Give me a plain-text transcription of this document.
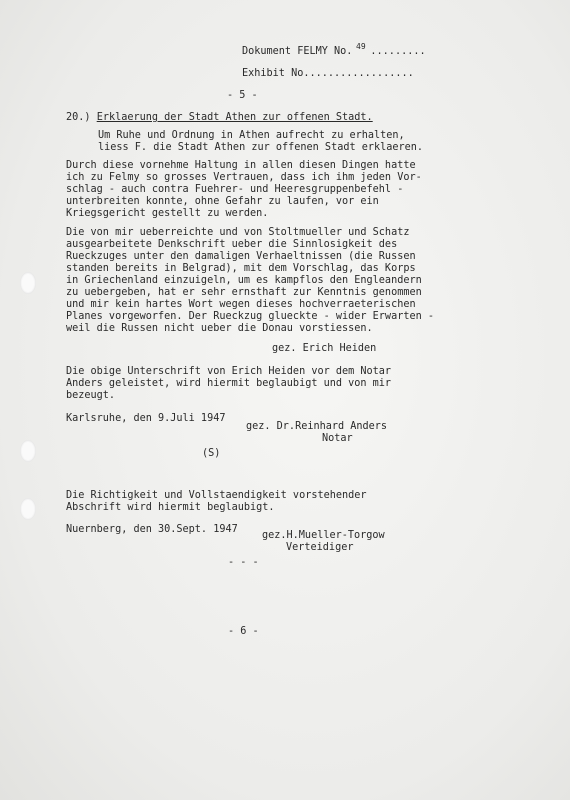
Dokument FELMY No. .........
49
Exhibit No..................
- 5 -
20.) Erklaerung der Stadt Athen zur offenen Stadt.
Um Ruhe und Ordnung in Athen aufrecht zu erhalten,
liess F. die Stadt Athen zur offenen Stadt erklaeren.
Durch diese vornehme Haltung in allen diesen Dingen hatte
ich zu Felmy so grosses Vertrauen, dass ich ihm jeden Vor-
schlag - auch contra Fuehrer- und Heeresgruppenbefehl -
unterbreiten konnte, ohne Gefahr zu laufen, vor ein
Kriegsgericht gestellt zu werden.
Die von mir ueberreichte und von Stoltmueller und Schatz
ausgearbeitete Denkschrift ueber die Sinnlosigkeit des
Rueckzuges unter den damaligen Verhaeltnissen (die Russen
standen bereits in Belgrad), mit dem Vorschlag, das Korps
in Griechenland einzuigeln, um es kampflos den Engleandern
zu uebergeben, hat er sehr ernsthaft zur Kenntnis genommen
und mir kein hartes Wort wegen dieses hochverraeterischen
Planes vorgeworfen. Der Rueckzug glueckte - wider Erwarten -
weil die Russen nicht ueber die Donau vorstiessen.
gez. Erich Heiden
Die obige Unterschrift von Erich Heiden vor dem Notar
Anders geleistet, wird hiermit beglaubigt und von mir
bezeugt.
Karlsruhe, den 9.Juli 1947
gez. Dr.Reinhard Anders
Notar
(S)
Die Richtigkeit und Vollstaendigkeit vorstehender
Abschrift wird hiermit beglaubigt.
Nuernberg, den 30.Sept. 1947
gez.H.Mueller-Torgow
Verteidiger
- - -
- 6 -
